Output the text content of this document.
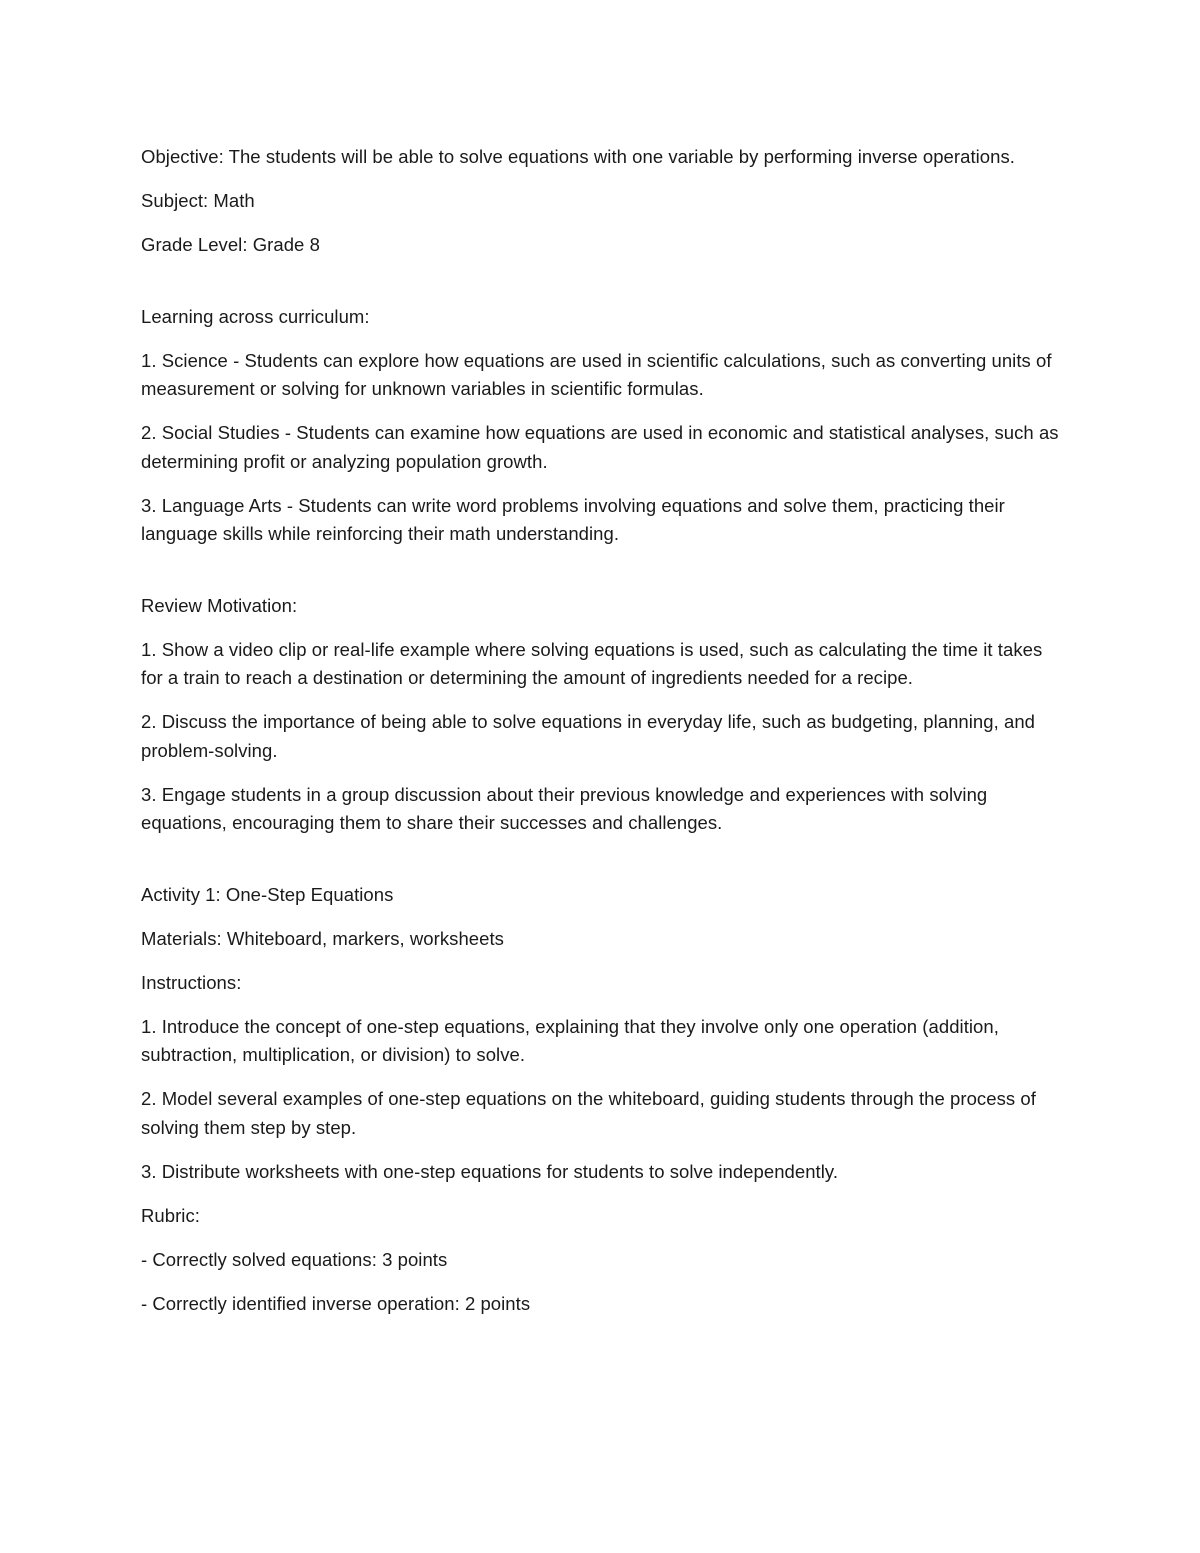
Objective: The students will be able to solve equations with one variable by performing inverse operations.

Subject: Math

Grade Level: Grade 8

Learning across curriculum:

1. Science - Students can explore how equations are used in scientific calculations, such as converting units of measurement or solving for unknown variables in scientific formulas.

2. Social Studies - Students can examine how equations are used in economic and statistical analyses, such as determining profit or analyzing population growth.

3. Language Arts - Students can write word problems involving equations and solve them, practicing their language skills while reinforcing their math understanding.

Review Motivation:

1. Show a video clip or real-life example where solving equations is used, such as calculating the time it takes for a train to reach a destination or determining the amount of ingredients needed for a recipe.

2. Discuss the importance of being able to solve equations in everyday life, such as budgeting, planning, and problem-solving.

3. Engage students in a group discussion about their previous knowledge and experiences with solving equations, encouraging them to share their successes and challenges.

Activity 1: One-Step Equations

Materials: Whiteboard, markers, worksheets

Instructions:

1. Introduce the concept of one-step equations, explaining that they involve only one operation (addition, subtraction, multiplication, or division) to solve.

2. Model several examples of one-step equations on the whiteboard, guiding students through the process of solving them step by step.

3. Distribute worksheets with one-step equations for students to solve independently.

Rubric:

- Correctly solved equations: 3 points

- Correctly identified inverse operation: 2 points
